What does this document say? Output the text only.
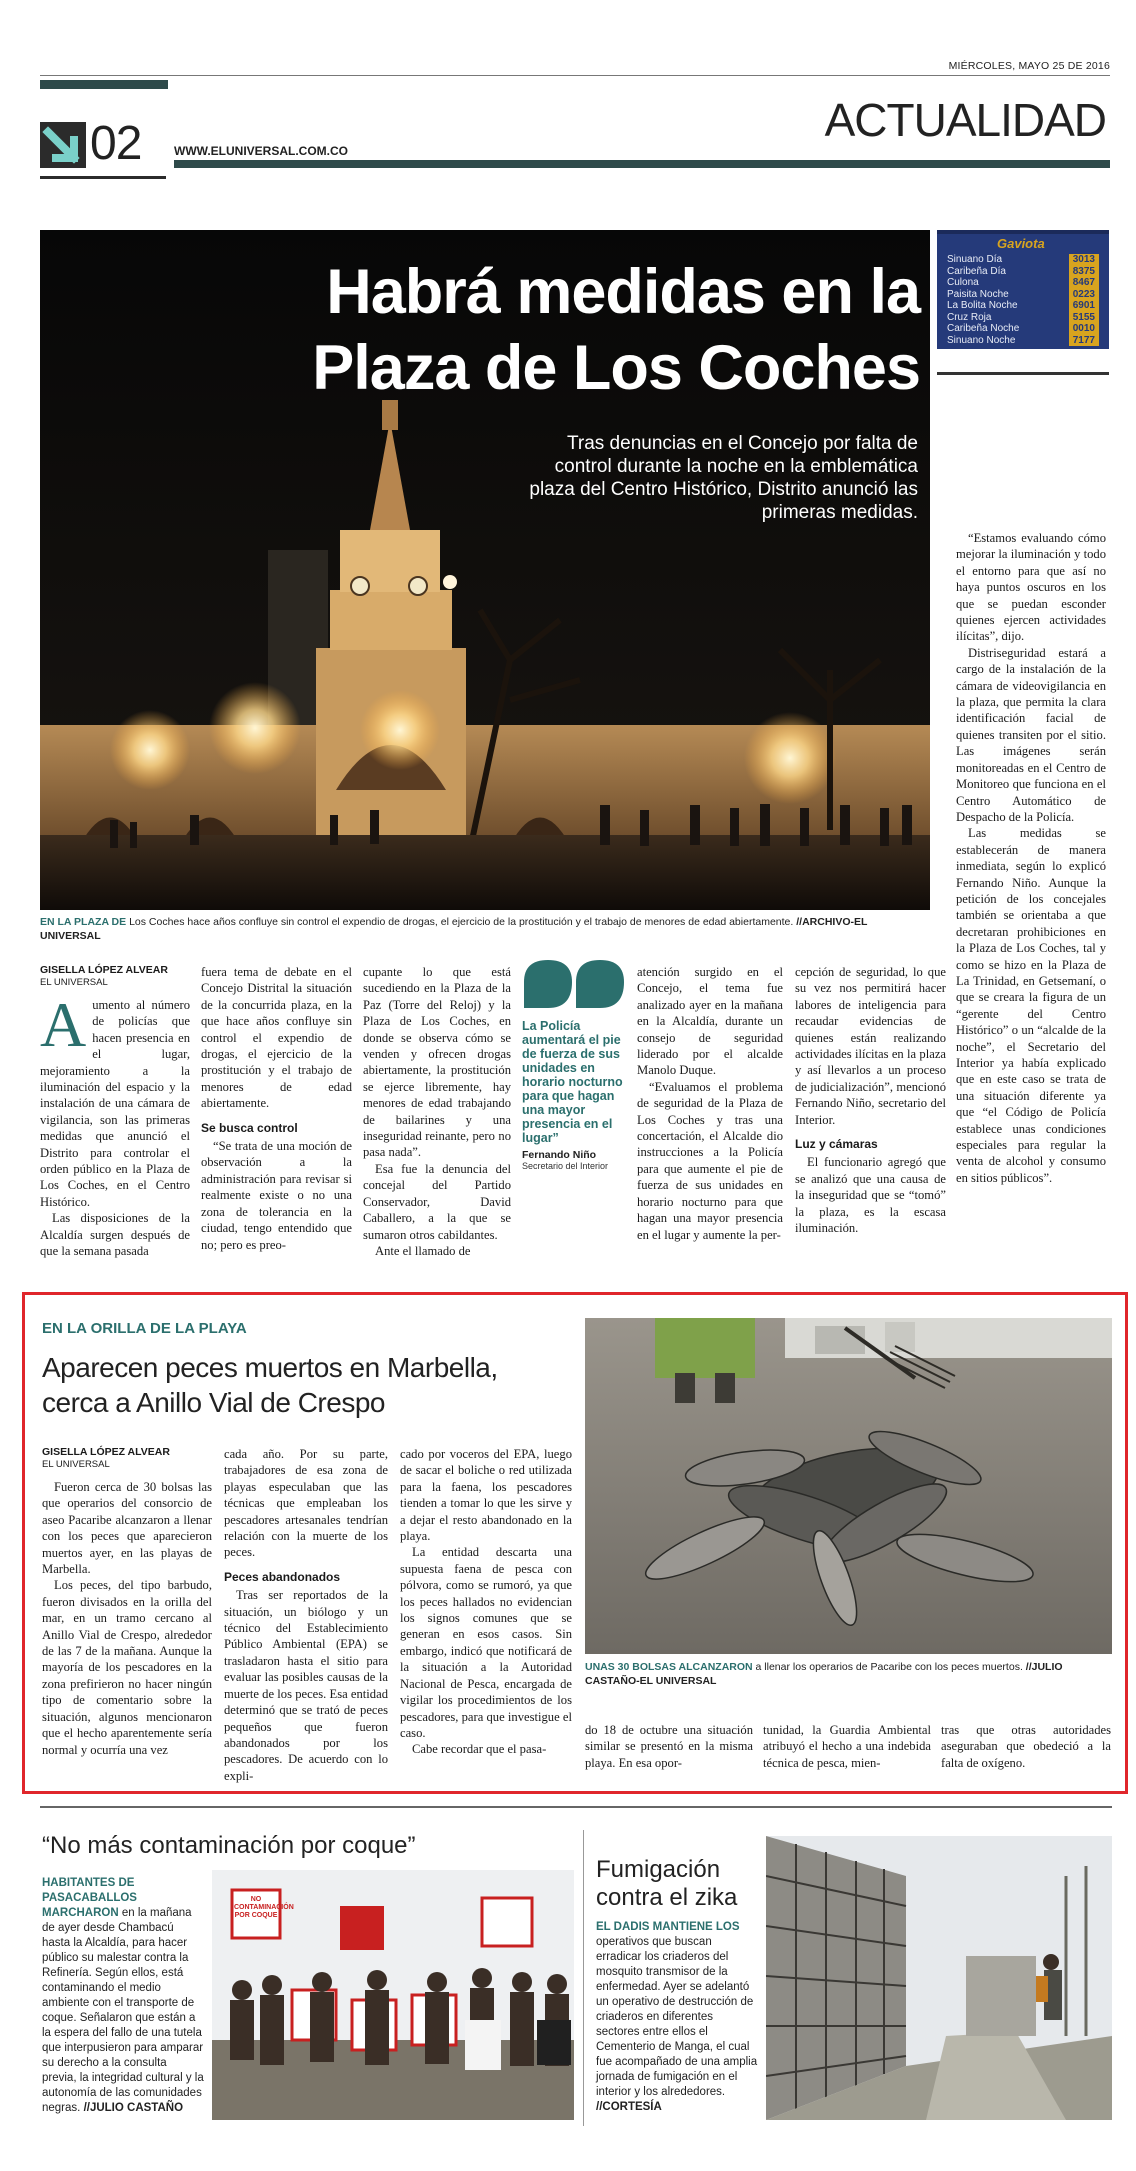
MIÉRCOLES, MAYO 25 DE 2016
02	WWW.ELUNIVERSAL.COM.CO
ACTUALIDAD
Habrá medidas en la
Plaza de Los Coches
Tras denuncias en el Concejo por falta de control durante la noche en la emblemática plaza del Centro Histórico, Distrito anunció las primeras medidas.
EN LA PLAZA DE Los Coches hace años confluye sin control el expendio de drogas, el ejercicio de la prostitución y el trabajo de menores de edad abiertamente. //ARCHIVO-EL UNIVERSAL
Gaviota
Sinuano Día	3013
Caribeña Día	8375
Culona	8467
Paisita Noche	0223
La Bolita Noche	6901
Cruz Roja	5155
Caribeña Noche	0010
Sinuano Noche	7177
GISELLA LÓPEZ ALVEAR
EL UNIVERSAL

Aumento al número de policías que hacen presencia en el lugar, mejoramiento a la iluminación del espacio y la instalación de una cámara de vigilancia, son las primeras medidas que anunció el Distrito para controlar el orden público en la Plaza de Los Coches, en el Centro Histórico.

Las disposiciones de la Alcaldía surgen después de que la semana pasada

fuera tema de debate en el Concejo Distrital la situación de la concurrida plaza, en la que hace años confluye sin control el expendio de drogas, el ejercicio de la prostitución y el trabajo de menores de edad abiertamente.

Se busca control

“Se trata de una moción de observación a la administración para revisar si realmente existe o no una zona de tolerancia en la ciudad, tengo entendido que no; pero es preo-

cupante lo que está sucediendo en la Plaza de la Paz (Torre del Reloj) y la Plaza de Los Coches, en donde se observa cómo se venden y ofrecen drogas abiertamente, la prostitución se ejerce libremente, hay menores de edad trabajando de bailarines y una inseguridad reinante, pero no pasa nada”.

Esa fue la denuncia del concejal del Partido Conservador, David Caballero, a la que se sumaron otros cabildantes.

Ante el llamado de

La Policía aumentará el pie de fuerza de sus unidades en horario nocturno para que hagan una mayor presencia en el lugar”
Fernando Niño
Secretario del Interior

atención surgido en el Concejo, el tema fue analizado ayer en la mañana en la Alcaldía, durante un consejo de seguridad liderado por el alcalde Manolo Duque.

“Evaluamos el problema de seguridad de la Plaza de Los Coches y tras una concertación, el Alcalde dio instrucciones a la Policía para que aumente el pie de fuerza de sus unidades en horario nocturno para que hagan una mayor presencia en el lugar y aumente la per-

cepción de seguridad, lo que su vez nos permitirá hacer labores de inteligencia para recaudar evidencias de quienes están realizando actividades ilícitas en la plaza y así llevarlos a un proceso de judicialización”, mencionó Fernando Niño, secretario del Interior.

Luz y cámaras

El funcionario agregó que se analizó que una causa de la inseguridad que se “tomó” la plaza, es la escasa iluminación.

“Estamos evaluando cómo mejorar la iluminación y todo el entorno para que así no haya puntos oscuros en los que se puedan esconder quienes ejercen actividades ilícitas”, dijo.

Distriseguridad estará a cargo de la instalación de la cámara de videovigilancia en la plaza, que permita la clara identificación facial de quienes transiten por el sitio. Las imágenes serán monitoreadas en el Centro de Monitoreo que funciona en el Centro Automático de Despacho de la Policía.

Las medidas se establecerán de manera inmediata, según lo explicó Fernando Niño. Aunque la petición de los concejales también se orientaba a que decretaran prohibiciones en la Plaza de Los Coches, tal y como se hizo en la Plaza de La Trinidad, en Getsemaní, o que se creara la figura de un “gerente del Centro Histórico” o un “alcalde de la noche”, el Secretario del Interior ya había explicado que en este caso se trata de una situación diferente ya que “el Código de Policía establece unas condiciones especiales para regular la venta de alcohol y consumo en sitios públicos”.

EN LA ORILLA DE LA PLAYA
Aparecen peces muertos en Marbella,
cerca a Anillo Vial de Crespo
GISELLA LÓPEZ ALVEAR
EL UNIVERSAL

Fueron cerca de 30 bolsas las que operarios del consorcio de aseo Pacaribe alcanzaron a llenar con los peces que aparecieron muertos ayer, en las playas de Marbella.

Los peces, del tipo barbudo, fueron divisados en la orilla del mar, en un tramo cercano al Anillo Vial de Crespo, alrededor de las 7 de la mañana. Aunque la mayoría de los pescadores en la zona prefirieron no hacer ningún tipo de comentario sobre la situación, algunos mencionaron que el hecho aparentemente sería normal y ocurría una vez

cada año. Por su parte, trabajadores de esa zona de playas especulaban que las técnicas que empleaban los pescadores artesanales tendrían relación con la muerte de los peces.

Peces abandonados

Tras ser reportados de la situación, un biólogo y un técnico del Establecimiento Público Ambiental (EPA) se trasladaron hasta el sitio para evaluar las posibles causas de la muerte de los peces. Esa entidad determinó que se trató de peces pequeños que fueron abandonados por los pescadores. De acuerdo con lo expli-

cado por voceros del EPA, luego de sacar el boliche o red utilizada para la faena, los pescadores tienden a tomar lo que les sirve y a dejar el resto abandonado en la playa.

La entidad descarta una supuesta faena de pesca con pólvora, como se rumoró, ya que los peces hallados no evidencian los signos comunes que se generan en esos casos. Sin embargo, indicó que notificará de la situación a la Autoridad Nacional de Pesca, encargada de vigilar los procedimientos de los pescadores, para que investigue el caso.

Cabe recordar que el pasa-

UNAS 30 BOLSAS ALCANZARON a llenar los operarios de Pacaribe con los peces muertos. //JULIO CASTAÑO-EL UNIVERSAL

do 18 de octubre una situación similar se presentó en la misma playa. En esa opor-

tunidad, la Guardia Ambiental atribuyó el hecho a una indebida técnica de pesca, mien-

tras que otras autoridades aseguraban que obedeció a la falta de oxígeno.

“No más contaminación por coque”
HABITANTES DE PASACABALLOS MARCHARON en la mañana de ayer desde Chambacú hasta la Alcaldía, para hacer público su malestar contra la Refinería. Según ellos, está contaminando el medio ambiente con el transporte de coque. Señalaron que están a la espera del fallo de una tutela que interpusieron para amparar su derecho a la consulta previa, la integridad cultural y la autonomía de las comunidades negras. //JULIO CASTAÑO
NO CONTAMINACIÓN POR COQUE
Fumigación
contra el zika
EL DADIS MANTIENE LOS operativos que buscan erradicar los criaderos del mosquito transmisor de la enfermedad. Ayer se adelantó un operativo de destrucción de criaderos en diferentes sectores entre ellos el Cementerio de Manga, el cual fue acompañado de una amplia jornada de fumigación en el interior y los alrededores. //CORTESÍA
